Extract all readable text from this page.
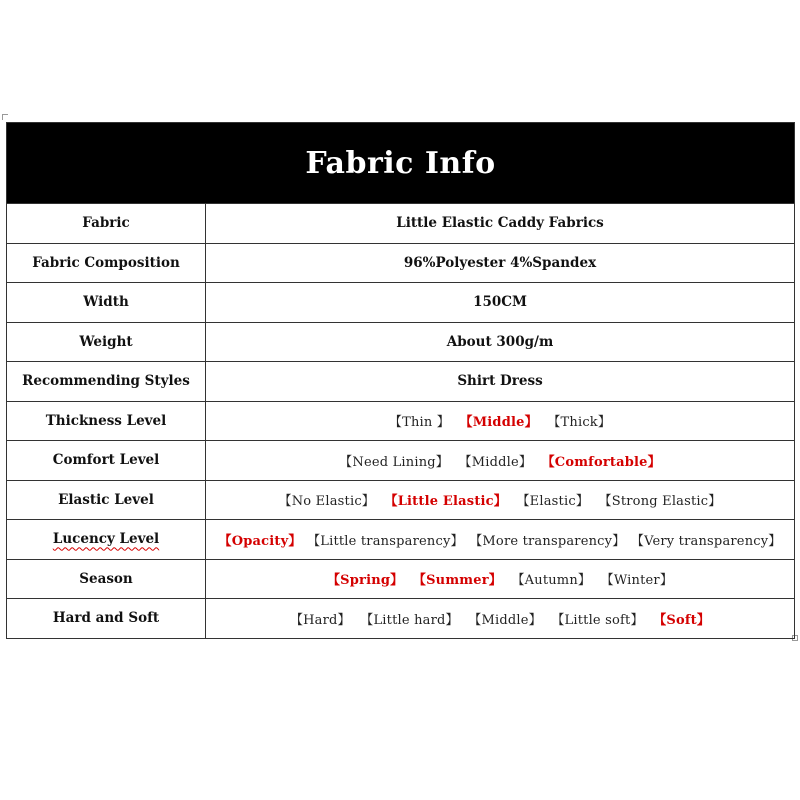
Fabric Info
Fabric	Little Elastic Caddy Fabrics
Fabric Composition	96%Polyester 4%Spandex
Width	150CM
Weight	About 300g/m
Recommending Styles	Shirt Dress
Thickness Level	【Thin 】 【Middle】 【Thick】
Comfort Level	【Need Lining】 【Middle】 【Comfortable】
Elastic Level	【No Elastic】 【Little Elastic】 【Elastic】 【Strong Elastic】
Lucency Level	【Opacity】 【Little transparency】 【More transparency】 【Very transparency】
Season	【Spring】 【Summer】 【Autumn】 【Winter】
Hard and Soft	【Hard】 【Little hard】 【Middle】 【Little soft】 【Soft】
